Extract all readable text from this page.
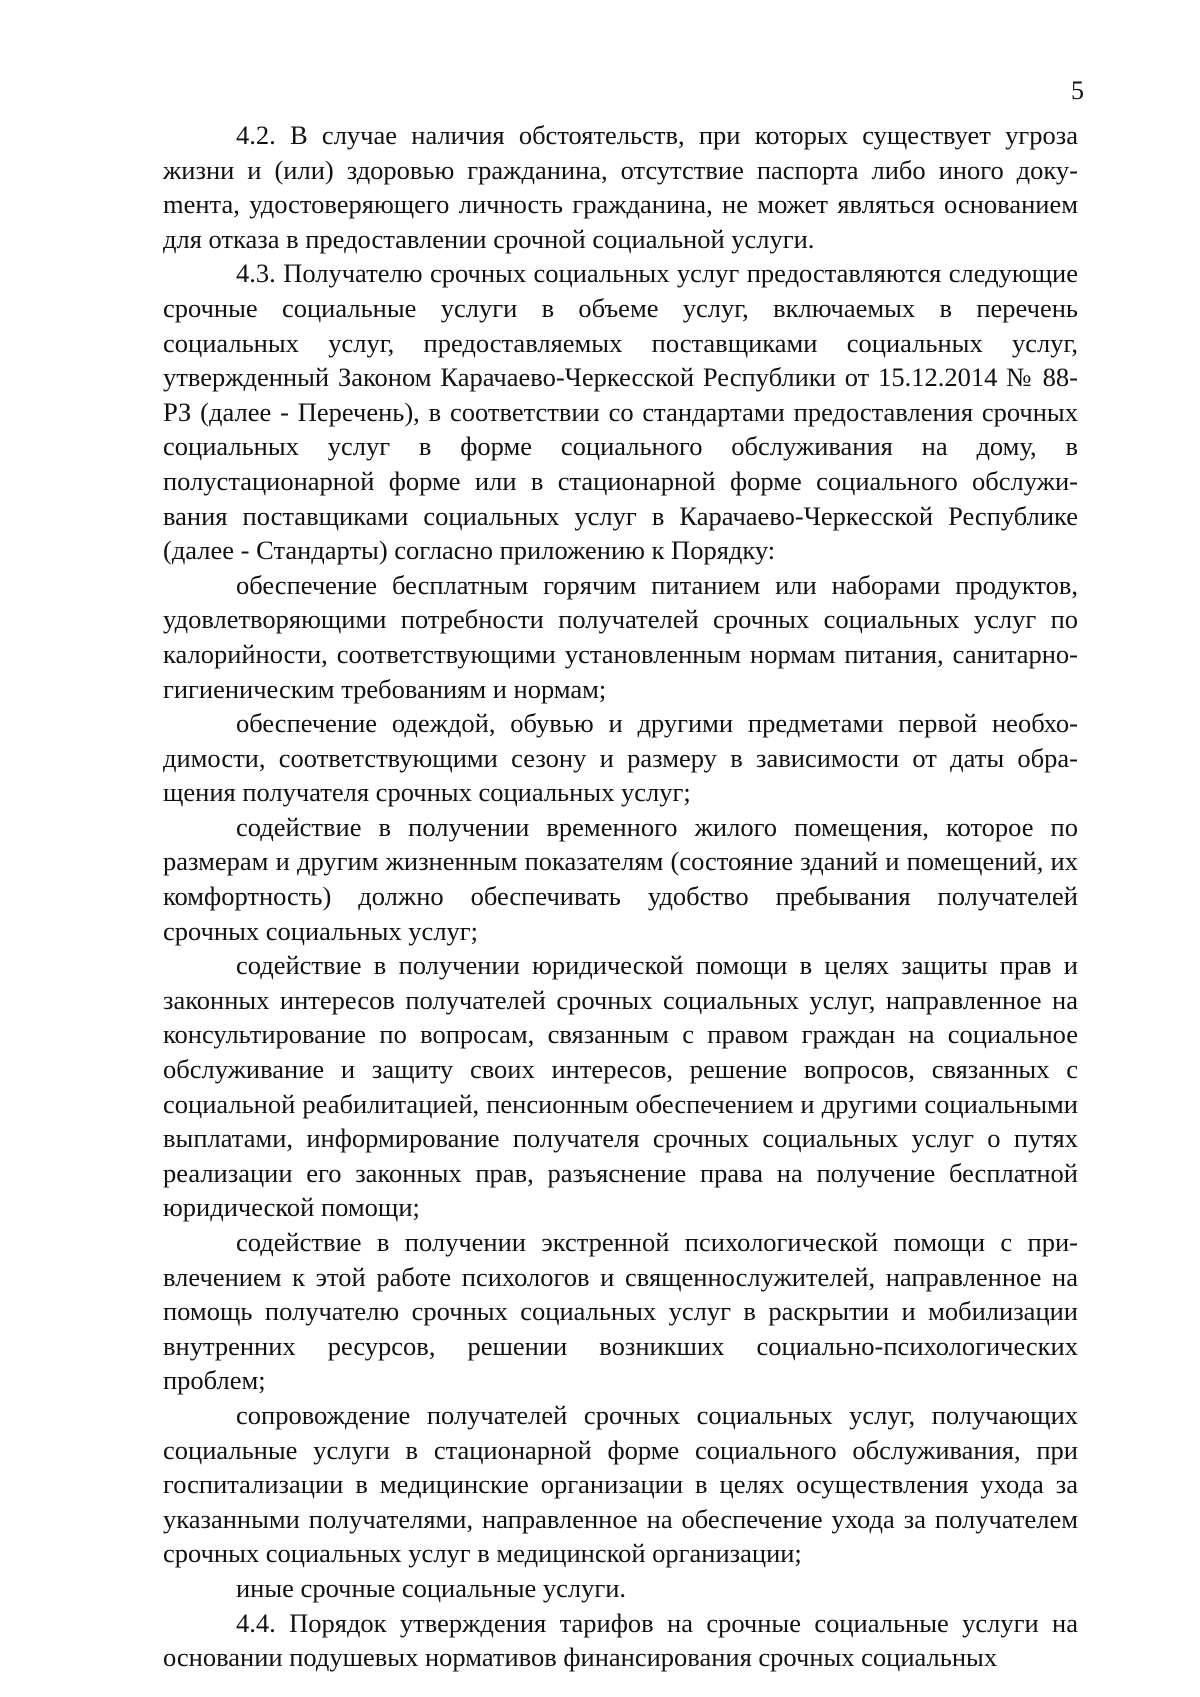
5

4.2. В случае наличия обстоятельств, при которых существует угроза жизни и (или) здоровью гражданина, отсутствие паспорта либо иного докуmента, удостоверяющего личность гражданина, не может являться основанием для отказа в предоставлении срочной социальной услуги.

4.3. Получателю срочных социальных услуг предоставляются следующие срочные социальные услуги в объеме услуг, включаемых в перечень социальных услуг, предоставляемых поставщиками социальных услуг, утвержденный Законом Карачаево-Черкесской Республики от 15.12.2014 № 88-РЗ (далее - Перечень), в соответствии со стандартами предоставления срочных социальных услуг в форме социального обслуживания на дому, в полустационарной форме или в стационарной форме социального обслуживания поставщиками социальных услуг в Карачаево-Черкесской Республике (далее - Стандарты) согласно приложению к Порядку:

обеспечение бесплатным горячим питанием или наборами продуктов, удовлетворяющими потребности получателей срочных социальных услуг по калорийности, соответствующими установленным нормам питания, санитарно-гигиеническим требованиям и нормам;

обеспечение одеждой, обувью и другими предметами первой необходимости, соответствующими сезону и размеру в зависимости от даты обращения получателя срочных социальных услуг;

содействие в получении временного жилого помещения, которое по размерам и другим жизненным показателям (состояние зданий и помещений, их комфортность) должно обеспечивать удобство пребывания получателей срочных социальных услуг;

содействие в получении юридической помощи в целях защиты прав и законных интересов получателей срочных социальных услуг, направленное на консультирование по вопросам, связанным с правом граждан на социальное обслуживание и защиту своих интересов, решение вопросов, связанных с социальной реабилитацией, пенсионным обеспечением и другими социальными выплатами, информирование получателя срочных социальных услуг о путях реализации его законных прав, разъяснение права на получение бесплатной юридической помощи;

содействие в получении экстренной психологической помощи с привлечением к этой работе психологов и священнослужителей, направленное на помощь получателю срочных социальных услуг в раскрытии и мобилизации внутренних ресурсов, решении возникших социально-психологических проблем;

сопровождение получателей срочных социальных услуг, получающих социальные услуги в стационарной форме социального обслуживания, при госпитализации в медицинские организации в целях осуществления ухода за указанными получателями, направленное на обеспечение ухода за получателем срочных социальных услуг в медицинской организации;

иные срочные социальные услуги.

4.4. Порядок утверждения тарифов на срочные социальные услуги на основании подушевых нормативов финансирования срочных социальных
